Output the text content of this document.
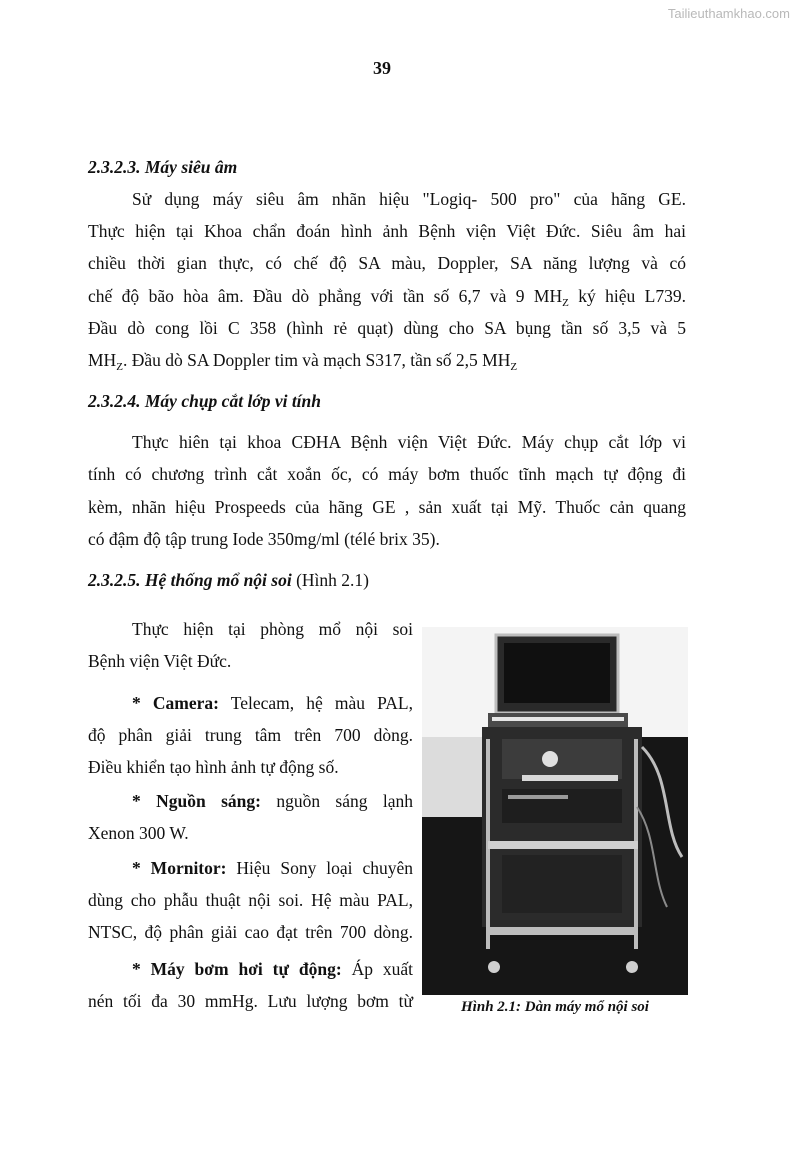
Tailieuthamkhao.com
39
2.3.2.3. Máy siêu âm
Sử dụng máy siêu âm nhãn hiệu "Logiq- 500 pro" của hãng GE.
Thực hiện tại Khoa chẩn đoán hình ảnh Bệnh viện Việt Đức. Siêu âm hai
chiều thời gian thực, có chế độ SA màu, Doppler, SA năng lượng và có
chế độ bão hòa âm. Đầu dò phẳng với tần số 6,7 và 9 $MH_Z$ ký hiệu L739.
Đầu dò cong lồi C 358 (hình rẻ quạt) dùng cho SA bụng tần số 3,5 và 5
$MH_Z$. Đầu dò SA Doppler tim và mạch S317, tần số 2,5 $MH_Z$
2.3.2.4. Máy chụp cắt lớp vi tính
Thực hiên tại khoa CĐHA Bệnh viện Việt Đức. Máy chụp cắt lớp vi
tính có chương trình cắt xoắn ốc, có máy bơm thuốc tĩnh mạch tự động đi
kèm, nhãn hiệu Prospeeds của hãng GE , sản xuất tại Mỹ. Thuốc cản quang
có đậm độ tập trung Iode 350mg/ml (télé brix 35).
2.3.2.5. Hệ thống mổ nội soi (Hình 2.1)
Thực hiện tại phòng mổ nội soi
Bệnh viện Việt Đức.
* Camera: Telecam, hệ màu PAL,
độ phân giải trung tâm trên 700 dòng.
Điều khiển tạo hình ảnh tự động số.
* Nguồn sáng: nguồn sáng lạnh
Xenon 300 W.
* Mornitor: Hiệu Sony loại chuyên
dùng cho phẫu thuật nội soi. Hệ màu PAL,
NTSC, độ phân giải cao đạt trên 700 dòng.
* Máy bơm hơi tự động: Áp xuất
nén tối đa 30 mmHg. Lưu lượng bơm từ	Hình 2.1: Dàn máy mổ nội soi
